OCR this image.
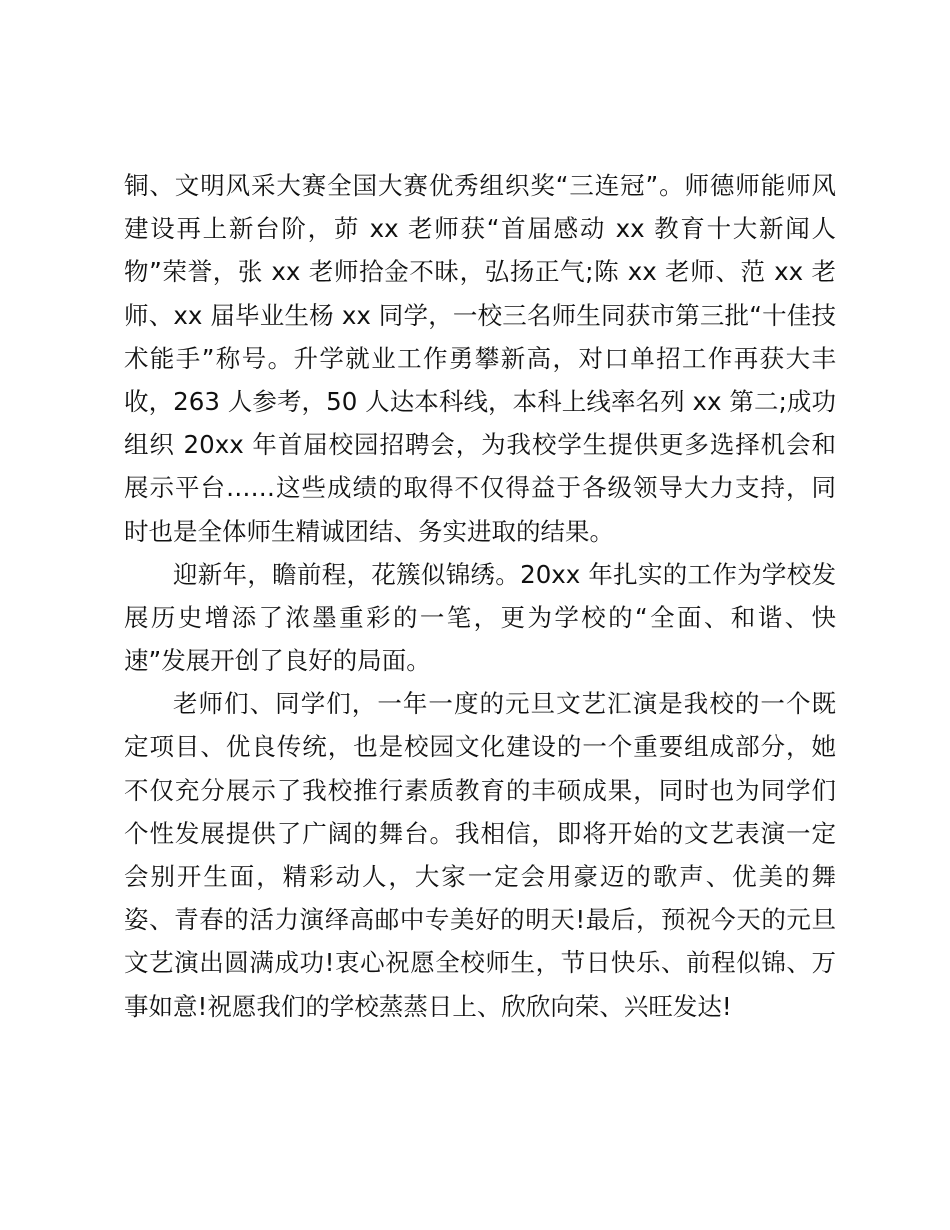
铜、文明风采大赛全国大赛优秀组织奖“三连冠”。师德师能师风
建设再上新台阶，茆 xx 老师获“首届感动 xx 教育十大新闻人
物”荣誉，张 xx 老师拾金不昧，弘扬正气;陈 xx 老师、范 xx 老
师、xx 届毕业生杨 xx 同学，一校三名师生同获市第三批“十佳技
术能手”称号。升学就业工作勇攀新高，对口单招工作再获大丰
收，263 人参考，50 人达本科线，本科上线率名列 xx 第二;成功
组织 20xx 年首届校园招聘会，为我校学生提供更多选择机会和
展示平台……这些成绩的取得不仅得益于各级领导大力支持，同
时也是全体师生精诚团结、务实进取的结果。
迎新年，瞻前程，花簇似锦绣。20xx 年扎实的工作为学校发
展历史增添了浓墨重彩的一笔，更为学校的“全面、和谐、快
速”发展开创了良好的局面。
老师们、同学们，一年一度的元旦文艺汇演是我校的一个既
定项目、优良传统，也是校园文化建设的一个重要组成部分，她
不仅充分展示了我校推行素质教育的丰硕成果，同时也为同学们
个性发展提供了广阔的舞台。我相信，即将开始的文艺表演一定
会别开生面，精彩动人，大家一定会用豪迈的歌声、优美的舞
姿、青春的活力演绎高邮中专美好的明天!最后，预祝今天的元旦
文艺演出圆满成功!衷心祝愿全校师生，节日快乐、前程似锦、万
事如意!祝愿我们的学校蒸蒸日上、欣欣向荣、兴旺发达!
